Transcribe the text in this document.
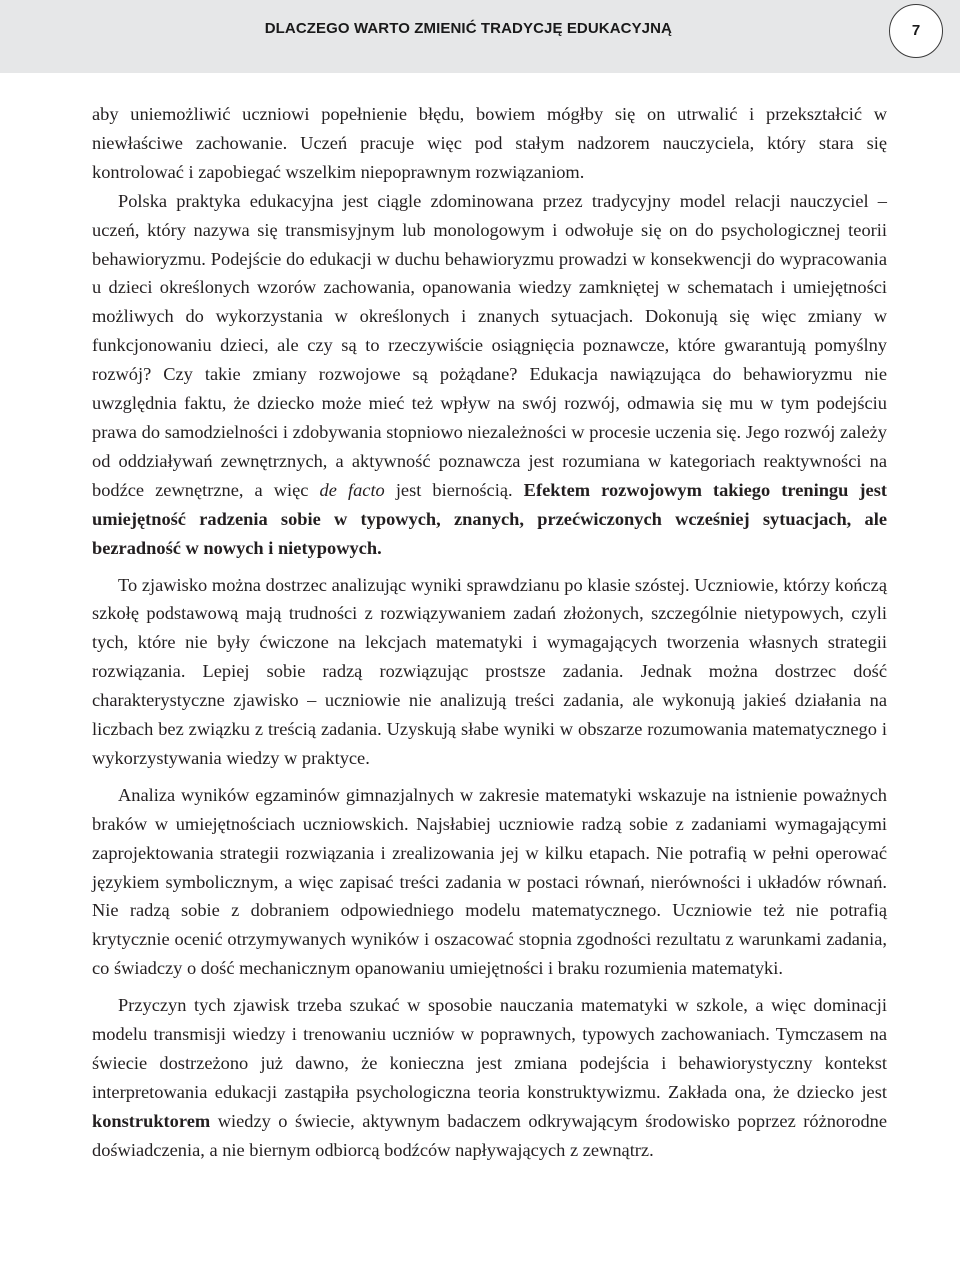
DLACZEGO WARTO ZMIENIĆ TRADYCJĘ EDUKACYJNĄ	7

aby uniemożliwić uczniowi popełnienie błędu, bowiem mógłby się on utrwalić i przekształcić w niewłaściwe zachowanie. Uczeń pracuje więc pod stałym nadzorem nauczyciela, który stara się kontrolować i zapobiegać wszelkim niepoprawnym rozwiązaniom.

Polska praktyka edukacyjna jest ciągle zdominowana przez tradycyjny model relacji nauczyciel – uczeń, który nazywa się transmisyjnym lub monologowym i odwołuje się on do psychologicznej teorii behawioryzmu. Podejście do edukacji w duchu behawioryzmu prowadzi w konsekwencji do wypracowania u dzieci określonych wzorów zachowania, opanowania wiedzy zamkniętej w schematach i umiejętności możliwych do wykorzystania w określonych i znanych sytuacjach. Dokonują się więc zmiany w funkcjonowaniu dzieci, ale czy są to rzeczywiście osiągnięcia poznawcze, które gwarantują pomyślny rozwój? Czy takie zmiany rozwojowe są pożądane? Edukacja nawiązująca do behawioryzmu nie uwzględnia faktu, że dziecko może mieć też wpływ na swój rozwój, odmawia się mu w tym podejściu prawa do samodzielności i zdobywania stopniowo niezależności w procesie uczenia się. Jego rozwój zależy od oddziaływań zewnętrznych, a aktywność poznawcza jest rozumiana w kategoriach reaktywności na bodźce zewnętrzne, a więc de facto jest biernością. Efektem rozwojowym takiego treningu jest umiejętność radzenia sobie w typowych, znanych, przećwiczonych wcześniej sytuacjach, ale bezradność w nowych i nietypowych.

To zjawisko można dostrzec analizując wyniki sprawdzianu po klasie szóstej. Uczniowie, którzy kończą szkołę podstawową mają trudności z rozwiązywaniem zadań złożonych, szczególnie nietypowych, czyli tych, które nie były ćwiczone na lekcjach matematyki i wymagających tworzenia własnych strategii rozwiązania. Lepiej sobie radzą rozwiązując prostsze zadania. Jednak można dostrzec dość charakterystyczne zjawisko – uczniowie nie analizują treści zadania, ale wykonują jakieś działania na liczbach bez związku z treścią zadania. Uzyskują słabe wyniki w obszarze rozumowania matematycznego i wykorzystywania wiedzy w praktyce.

Analiza wyników egzaminów gimnazjalnych w zakresie matematyki wskazuje na istnienie poważnych braków w umiejętnościach uczniowskich. Najsłabiej uczniowie radzą sobie z zadaniami wymagającymi zaprojektowania strategii rozwiązania i zrealizowania jej w kilku etapach. Nie potrafią w pełni operować językiem symbolicznym, a więc zapisać treści zadania w postaci równań, nierówności i układów równań. Nie radzą sobie z dobraniem odpowiedniego modelu matematycznego. Uczniowie też nie potrafią krytycznie ocenić otrzymywanych wyników i oszacować stopnia zgodności rezultatu z warunkami zadania, co świadczy o dość mechanicznym opanowaniu umiejętności i braku rozumienia matematyki.

Przyczyn tych zjawisk trzeba szukać w sposobie nauczania matematyki w szkole, a więc dominacji modelu transmisji wiedzy i trenowaniu uczniów w poprawnych, typowych zachowaniach. Tymczasem na świecie dostrzeżono już dawno, że konieczna jest zmiana podejścia i behawiorystyczny kontekst interpretowania edukacji zastąpiła psychologiczna teoria konstruktywizmu. Zakłada ona, że dziecko jest konstruktorem wiedzy o świecie, aktywnym badaczem odkrywającym środowisko poprzez różnorodne doświadczenia, a nie biernym odbiorcą bodźców napływających z zewnątrz.
